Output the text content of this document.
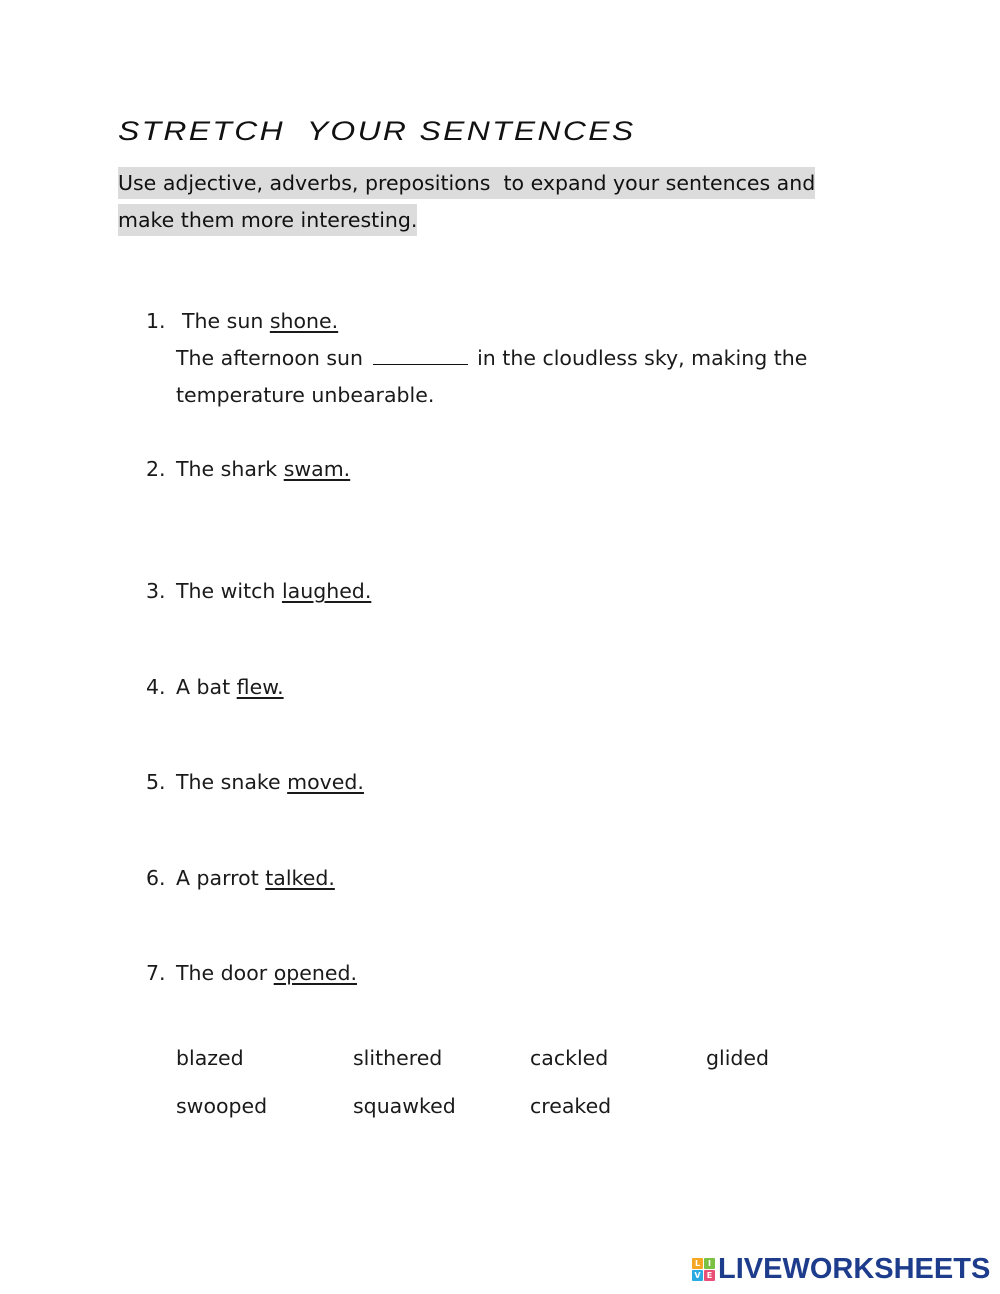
STRETCH  YOUR SENTENCES
Use adjective, adverbs, prepositions  to expand your sentences and
make them more interesting.
1. The sun shone.
The afternoon sun	in the cloudless sky, making the
temperature unbearable.
2. The shark swam.
3. The witch laughed.
4. A bat flew.
5. The snake moved.
6. A parrot talked.
7. The door opened.
blazed	slithered	cackled	glided
swooped	squawked	creaked
L I
V E LIVEWORKSHEETS
